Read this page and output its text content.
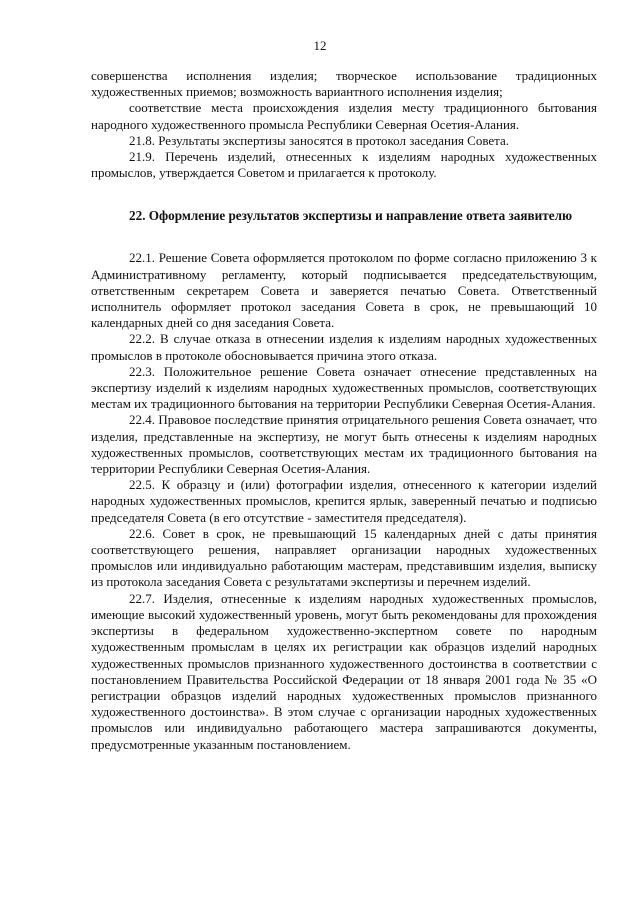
12

совершенства исполнения изделия; творческое использование традиционных художественных приемов; возможность вариантного исполнения изделия;

соответствие места происхождения изделия месту традиционного бытования народного художественного промысла Республики Северная Осетия-Алания.

21.8. Результаты экспертизы заносятся в протокол заседания Совета.

21.9. Перечень изделий, отнесенных к изделиям народных художественных промыслов, утверждается Советом и прилагается к протоколу.

22. Оформление результатов экспертизы и направление ответа заявителю

22.1. Решение Совета оформляется протоколом по форме согласно приложению 3 к Административному регламенту, который подписывается председательствующим, ответственным секретарем Совета и заверяется печатью Совета. Ответственный исполнитель оформляет протокол заседания Совета в срок, не превышающий 10 календарных дней со дня заседания Совета.

22.2. В случае отказа в отнесении изделия к изделиям народных художественных промыслов в протоколе обосновывается причина этого отказа.

22.3. Положительное решение Совета означает отнесение представленных на экспертизу изделий к изделиям народных художественных промыслов, соответствующих местам их традиционного бытования на территории Республики Северная Осетия-Алания.

22.4. Правовое последствие принятия отрицательного решения Совета означает, что изделия, представленные на экспертизу, не могут быть отнесены к изделиям народных художественных промыслов, соответствующих местам их традиционного бытования на территории Республики Северная Осетия-Алания.

22.5. К образцу и (или) фотографии изделия, отнесенного к категории изделий народных художественных промыслов, крепится ярлык, заверенный печатью и подписью председателя Совета (в его отсутствие - заместителя председателя).

22.6. Совет в срок, не превышающий 15 календарных дней с даты принятия соответствующего решения, направляет организации народных художественных промыслов или индивидуально работающим мастерам, представившим изделия, выписку из протокола заседания Совета с результатами экспертизы и перечнем изделий.

22.7. Изделия, отнесенные к изделиям народных художественных промыслов, имеющие высокий художественный уровень, могут быть рекомендованы для прохождения экспертизы в федеральном художественно-экспертном совете по народным художественным промыслам в целях их регистрации как образцов изделий народных художественных промыслов признанного художественного достоинства в соответствии с постановлением Правительства Российской Федерации от 18 января 2001 года № 35 «О регистрации образцов изделий народных художественных промыслов признанного художественного достоинства». В этом случае с организации народных художественных промыслов или индивидуально работающего мастера запрашиваются документы, предусмотренные указанным постановлением.
